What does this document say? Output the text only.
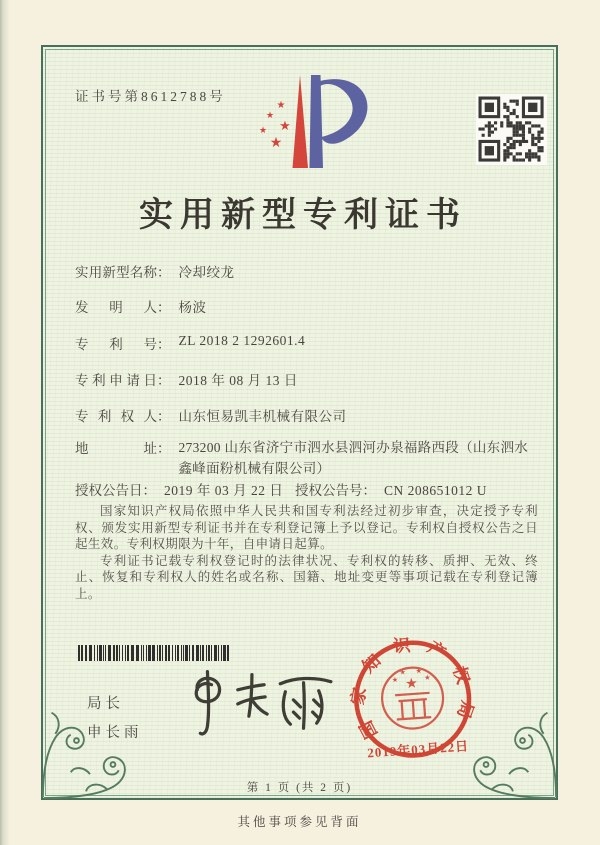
证书号第8612788号
★
★
★
★
★
实用新型专利证书
实用新型名称 ： 冷却绞龙
发明人 ： 杨波
专利号 ： ZL 2018 2 1292601.4
专利申请日 ： 2018 年 08 月 13 日
专利权人 ： 山东恒易凯丰机械有限公司
地址 ： 273200 山东省济宁市泗水县泗河办泉福路西段（山东泗水鑫峰面粉机械有限公司）
授权公告日 ： 2019 年 03 月 22 日 授权公告号： CN 208651012 U

国家知识产权局依照中华人民共和国专利法经过初步审查，决定授予专利权、颁发实用新型专利证书并在专利登记簿上予以登记。专利权自授权公告之日起生效。专利权期限为十年，自申请日起算。

专利证书记载专利权登记时的法律状况、专利权的转移、质押、无效、终止、恢复和专利权人的姓名或名称、国籍、地址变更等事项记载在专利登记簿上。

局长
申长雨	国家知识产权局
★
★
★ ★
★
2019年03月22日
第 1 页 (共 2 页)
其他事项参见背面
